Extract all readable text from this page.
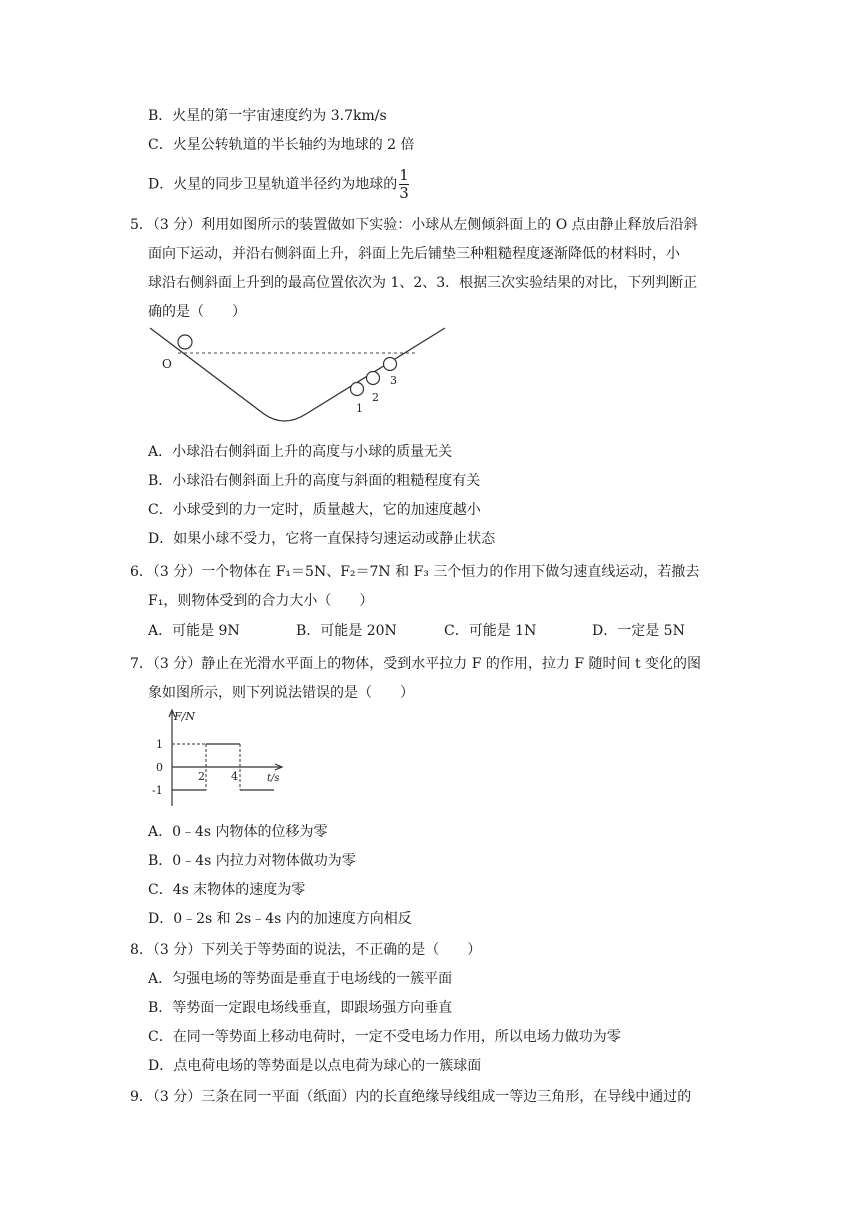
B．火星的第一宇宙速度约为 3.7km/s
C．火星公转轨道的半长轴约为地球的 2 倍
D．火星的同步卫星轨道半径约为地球的 $\frac{1}{3}$
5．（3 分）利用如图所示的装置做如下实验：小球从左侧倾斜面上的 O 点由静止释放后沿斜
面向下运动，并沿右侧斜面上升，斜面上先后铺垫三种粗糙程度逐渐降低的材料时，小
球沿右侧斜面上升到的最高位置依次为 1、2、3．根据三次实验结果的对比，下列判断正
确的是（　　）
O
1
2
3
A．小球沿右侧斜面上升的高度与小球的质量无关
B．小球沿右侧斜面上升的高度与斜面的粗糙程度有关
C．小球受到的力一定时，质量越大，它的加速度越小
D．如果小球不受力，它将一直保持匀速运动或静止状态
6．（3 分）一个物体在 F₁＝5N、F₂＝7N 和 F₃ 三个恒力的作用下做匀速直线运动，若撤去
F₁，则物体受到的合力大小（　　）
A．可能是 9N	B．可能是 20N	C．可能是 1N	D．一定是 5N
7．（3 分）静止在光滑水平面上的物体，受到水平拉力 F 的作用，拉力 F 随时间 t 变化的图
象如图所示，则下列说法错误的是（　　）
F/N
t/s
1
0
-1
2 4
A．0﹣4s 内物体的位移为零
B．0﹣4s 内拉力对物体做功为零
C．4s 末物体的速度为零
D．0﹣2s 和 2s﹣4s 内的加速度方向相反
8．（3 分）下列关于等势面的说法，不正确的是（　　）
A．匀强电场的等势面是垂直于电场线的一簇平面
B．等势面一定跟电场线垂直，即跟场强方向垂直
C．在同一等势面上移动电荷时，一定不受电场力作用，所以电场力做功为零
D．点电荷电场的等势面是以点电荷为球心的一簇球面
9．（3 分）三条在同一平面（纸面）内的长直绝缘导线组成一等边三角形，在导线中通过的
